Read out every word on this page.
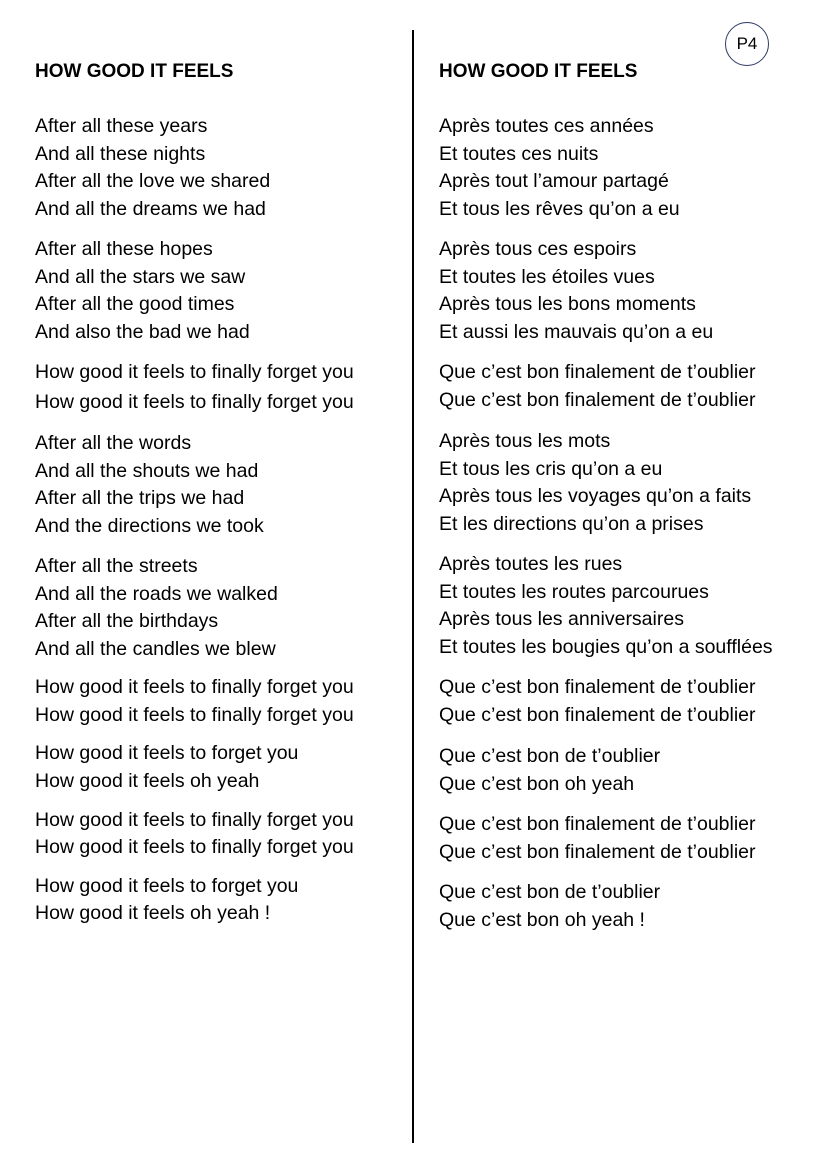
P4
HOW GOOD IT FEELS	HOW GOOD IT FEELS
After all these years
And all these nights
After all the love we shared
And all the dreams we had
After all these hopes
And all the stars we saw
After all the good times
And also the bad we had
How good it feels to finally forget you
How good it feels to finally forget you
After all the words
And all the shouts we had
After all the trips we had
And the directions we took
After all the streets
And all the roads we walked
After all the birthdays
And all the candles we blew
How good it feels to finally forget you
How good it feels to finally forget you
How good it feels to forget you
How good it feels oh yeah
How good it feels to finally forget you
How good it feels to finally forget you
How good it feels to forget you
How good it feels oh yeah !
Après toutes ces années
Et toutes ces nuits
Après tout l’amour partagé
Et tous les rêves qu’on a eu
Après tous ces espoirs
Et toutes les étoiles vues
Après tous les bons moments
Et aussi les mauvais qu’on a eu
Que c’est bon finalement de t’oublier
Que c’est bon finalement de t’oublier
Après tous les mots
Et tous les cris qu’on a eu
Après tous les voyages qu’on a faits
Et les directions qu’on a prises
Après toutes les rues
Et toutes les routes parcourues
Après tous les anniversaires
Et toutes les bougies qu’on a soufflées
Que c’est bon finalement de t’oublier
Que c’est bon finalement de t’oublier
Que c’est bon de t’oublier
Que c’est bon oh yeah
Que c’est bon finalement de t’oublier
Que c’est bon finalement de t’oublier
Que c’est bon de t’oublier
Que c’est bon oh yeah !
